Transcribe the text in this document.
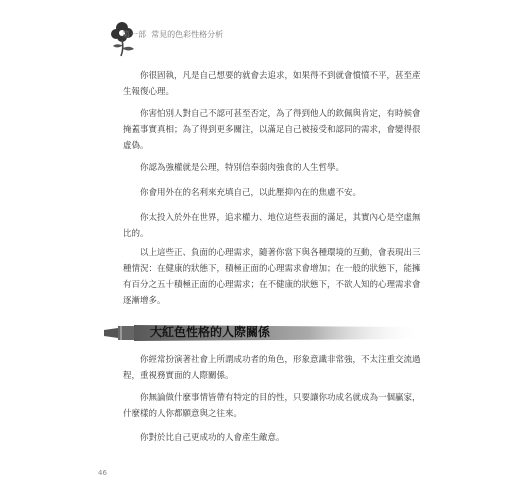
第一部 常見的色彩性格分析

你很固執，凡是自己想要的就會去追求，如果得不到就會憤憤不平，甚至產生報復心理。

你害怕別人對自己不認可甚至否定，為了得到他人的欽佩與肯定，有時候會掩蓋事實真相；為了得到更多關注，以滿足自己被接受和認同的需求，會變得很虛偽。

你認為強權就是公理，特別信奉弱肉強食的人生哲學。

你會用外在的名利來充填自己，以此壓抑內在的焦慮不安。

你太投入於外在世界，追求權力、地位這些表面的滿足，其實內心是空虛無比的。

以上這些正、負面的心理需求，隨著你當下與各種環境的互動，會表現出三種情況：在健康的狀態下，積極正面的心理需求會增加；在一般的狀態下，能擁有百分之五十積極正面的心理需求；在不健康的狀態下，不欲人知的心理需求會逐漸增多。

大紅色性格的人際關係

你經常扮演著社會上所謂成功者的角色，形象意識非常強，不太注重交流過程，重視務實面的人際關係。

你無論做什麼事情皆帶有特定的目的性，只要讓你功成名就成為一個贏家，什麼樣的人你都願意與之往來。

你對於比自己更成功的人會產生敵意。

46
